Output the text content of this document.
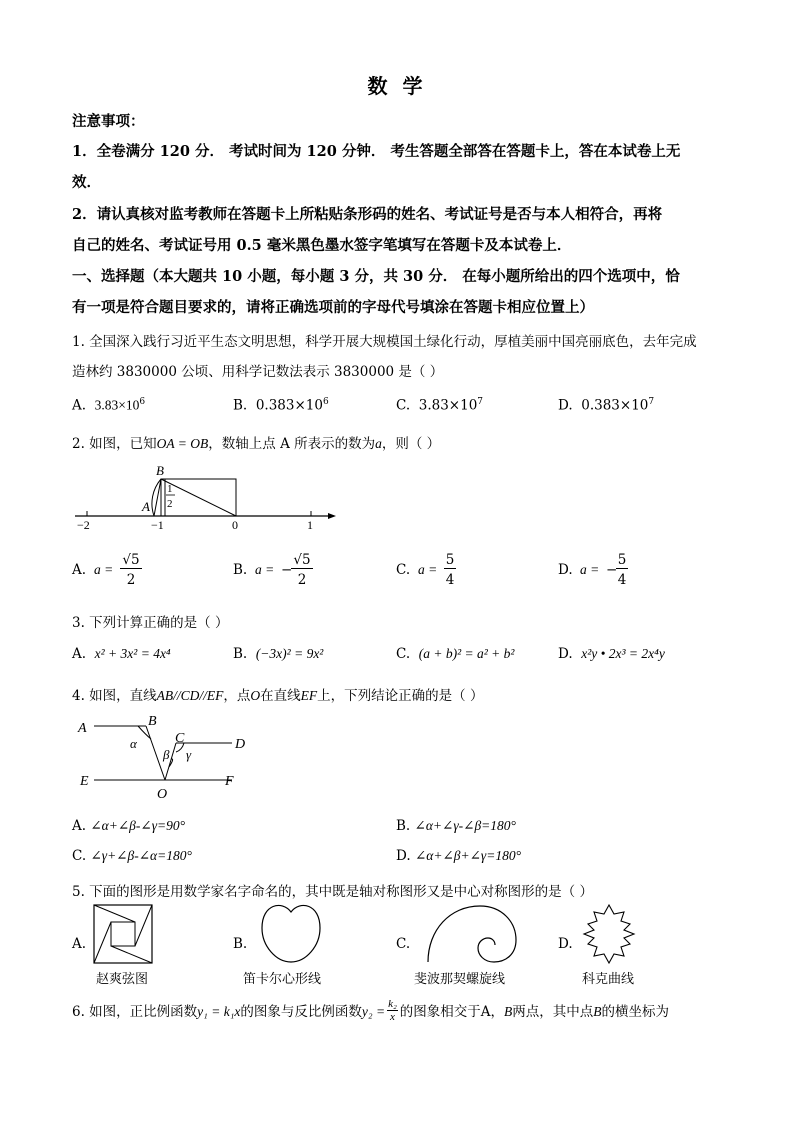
数 学
注意事项：
1．全卷满分 120 分． 考试时间为 120 分钟． 考生答题全部答在答题卡上，答在本试卷上无
效．
2．请认真核对监考教师在答题卡上所粘贴条形码的姓名、考试证号是否与本人相符合，再将
自己的姓名、考试证号用 0.5 毫米黑色墨水签字笔填写在答题卡及本试卷上．
一、选择题（本大题共 10 小题，每小题 3 分，共 30 分． 在每小题所给出的四个选项中，恰
有一项是符合题目要求的，请将正确选项前的字母代号填涂在答题卡相应位置上）
1. 全国深入践行习近平生态文明思想，科学开展大规模国土绿化行动，厚植美丽中国亮丽底色，去年完成
造林约 3830000 公顷、用科学记数法表示 3830000 是（ ）
A. $3.83\times 10^6$	B. $0.383\times 10^6$	C. $3.83\times 10^7$	D. $0.383\times 10^7$
2. 如图，已知OA = OB，数轴上点 A 所表示的数为a，则（ ）
B
A
1
2
−2	−1	0	1
A. a =
√5
2
B. a = −
√5
2
C. a =
5
4
D. a = −
5
4
3. 下列计算正确的是（ ）
A. x² + 3x² = 4x⁴	B. (−3x)² = 9x²	C. (a + b)² = a² + b²	D. x²y • 2x³ = 2x⁴y
4. 如图，直线AB//CD//EF，点O在直线EF上，下列结论正确的是（ ）
A	B
C	D
E	F
O
α
β γ
A. ∠α+∠β-∠γ=90°	B. ∠α+∠γ-∠β=180°
C. ∠γ+∠β-∠α=180°	D. ∠α+∠β+∠γ=180°
5. 下面的图形是用数学家名字命名的，其中既是轴对称图形又是中心对称图形的是（ ）
A.
赵爽弦图
B.
笛卡尔心形线
C.
斐波那契螺旋线
D.
科克曲线
6. 如图，正比例函数y₁ = k₁x的图象与反比例函数$y_2 = \frac{\text{k₂}}{x}$ 的图象相交于A，B两点，其中点B的横坐标为
